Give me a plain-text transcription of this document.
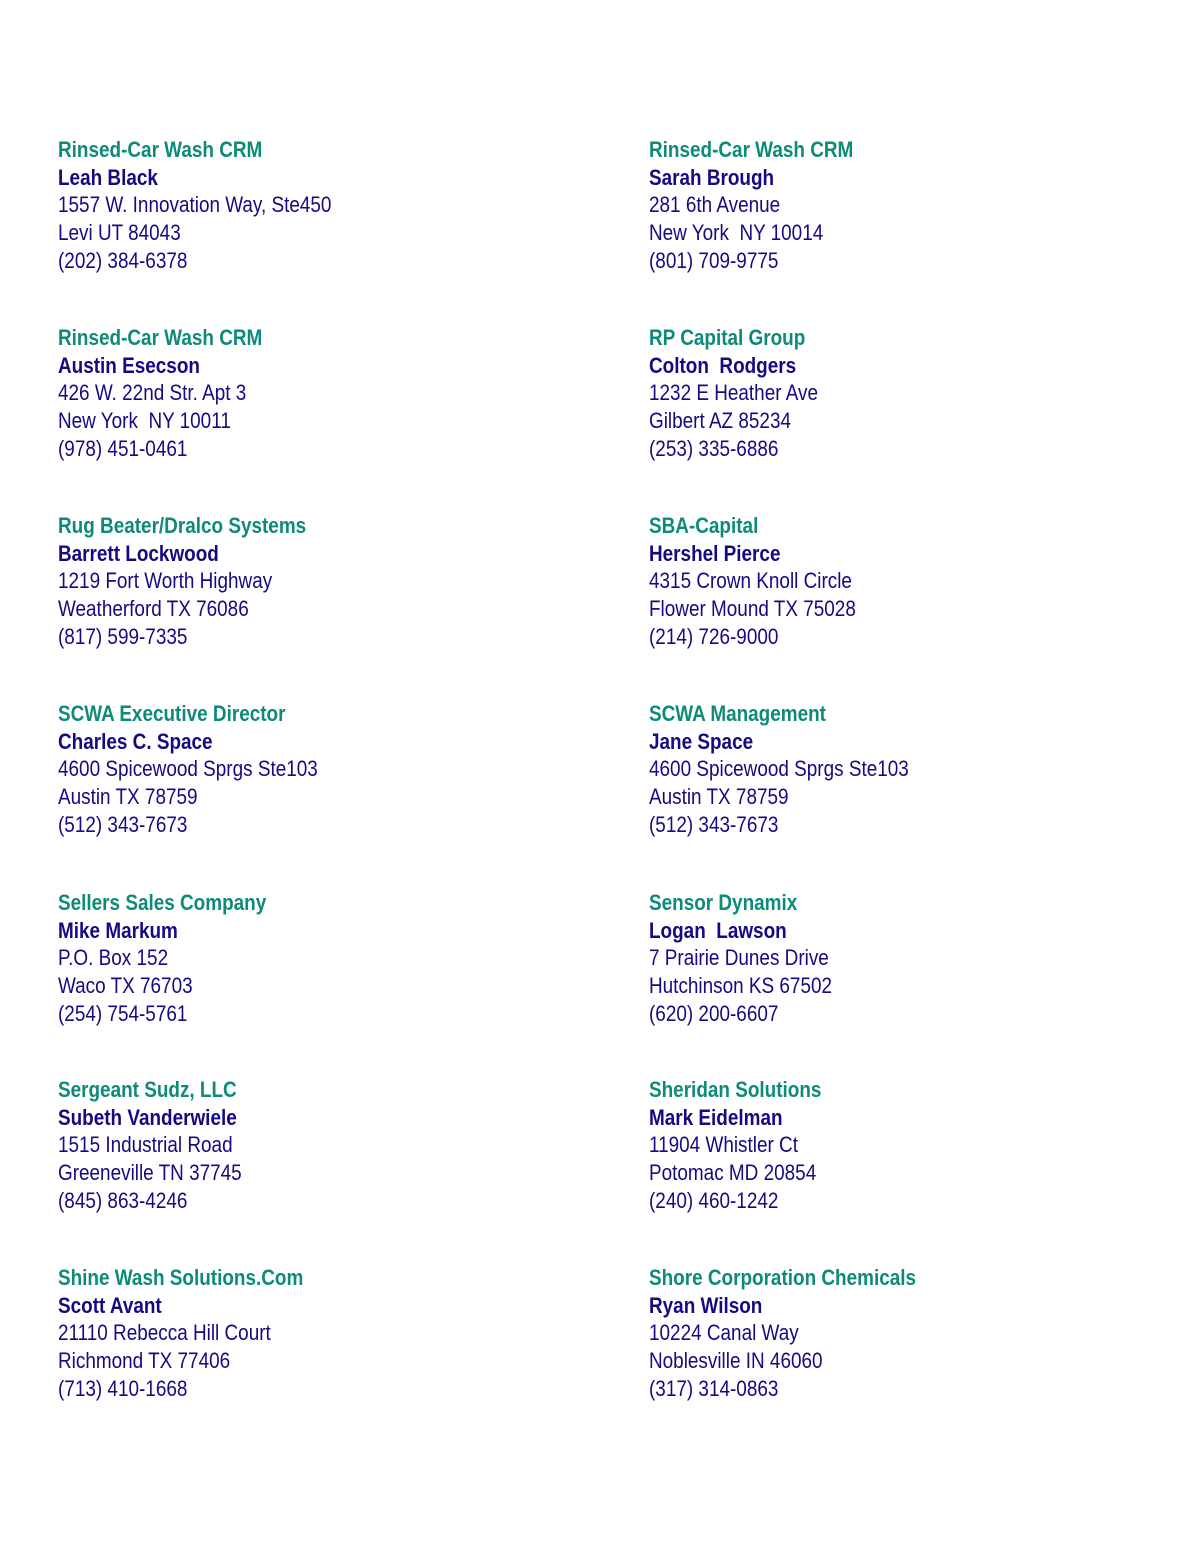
Rinsed-Car Wash CRM
Leah Black
1557 W. Innovation Way, Ste450
Levi UT 84043
(202) 384-6378
Rinsed-Car Wash CRM
Sarah Brough
281 6th Avenue
New York  NY 10014
(801) 709-9775
Rinsed-Car Wash CRM
Austin Esecson
426 W. 22nd Str. Apt 3
New York  NY 10011
(978) 451-0461
RP Capital Group
Colton  Rodgers
1232 E Heather Ave
Gilbert AZ 85234
(253) 335-6886
Rug Beater/Dralco Systems
Barrett Lockwood
1219 Fort Worth Highway
Weatherford TX 76086
(817) 599-7335
SBA-Capital
Hershel Pierce
4315 Crown Knoll Circle
Flower Mound TX 75028
(214) 726-9000
SCWA Executive Director
Charles C. Space
4600 Spicewood Sprgs Ste103
Austin TX 78759
(512) 343-7673
SCWA Management
Jane Space
4600 Spicewood Sprgs Ste103
Austin TX 78759
(512) 343-7673
Sellers Sales Company
Mike Markum
P.O. Box 152
Waco TX 76703
(254) 754-5761
Sensor Dynamix
Logan  Lawson
7 Prairie Dunes Drive
Hutchinson KS 67502
(620) 200-6607
Sergeant Sudz, LLC
Subeth Vanderwiele
1515 Industrial Road
Greeneville TN 37745
(845) 863-4246
Sheridan Solutions
Mark Eidelman
11904 Whistler Ct
Potomac MD 20854
(240) 460-1242
Shine Wash Solutions.Com
Scott Avant
21110 Rebecca Hill Court
Richmond TX 77406
(713) 410-1668
Shore Corporation Chemicals
Ryan Wilson
10224 Canal Way
Noblesville IN 46060
(317) 314-0863
